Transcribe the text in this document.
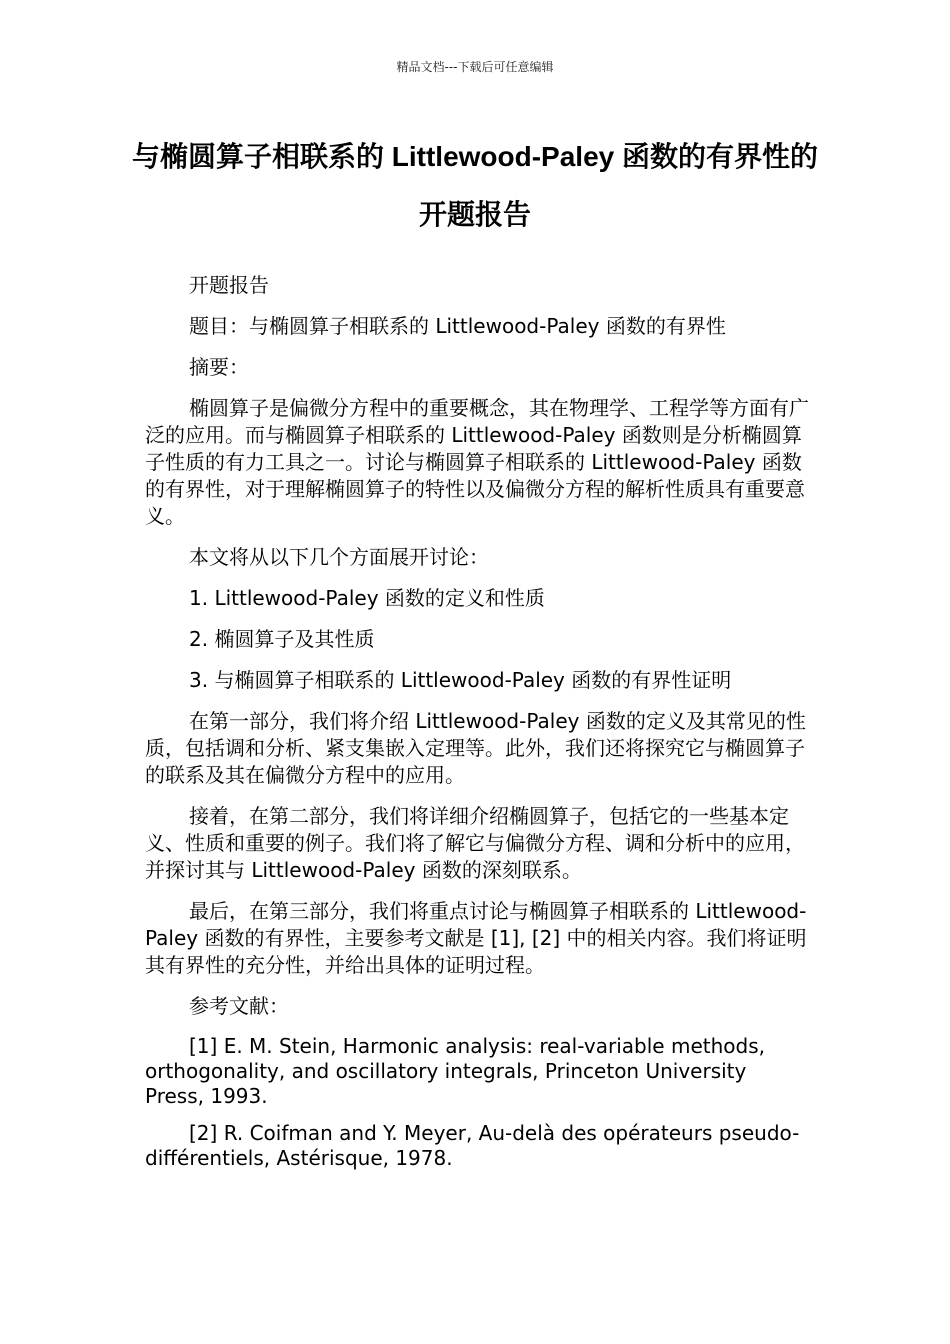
精品文档---下载后可任意编辑
与椭圆算子相联系的 Littlewood-Paley 函数的有界性的开题报告

开题报告

题目：与椭圆算子相联系的 Littlewood-Paley 函数的有界性

摘要：

椭圆算子是偏微分方程中的重要概念，其在物理学、工程学等方面有广泛的应用。而与椭圆算子相联系的 Littlewood-Paley 函数则是分析椭圆算子性质的有力工具之一。讨论与椭圆算子相联系的 Littlewood-Paley 函数的有界性，对于理解椭圆算子的特性以及偏微分方程的解析性质具有重要意义。

本文将从以下几个方面展开讨论：

1. Littlewood-Paley 函数的定义和性质

2. 椭圆算子及其性质

3. 与椭圆算子相联系的 Littlewood-Paley 函数的有界性证明

在第一部分，我们将介绍 Littlewood-Paley 函数的定义及其常见的性质，包括调和分析、紧支集嵌入定理等。此外，我们还将探究它与椭圆算子的联系及其在偏微分方程中的应用。

接着，在第二部分，我们将详细介绍椭圆算子，包括它的一些基本定义、性质和重要的例子。我们将了解它与偏微分方程、调和分析中的应用，并探讨其与 Littlewood-Paley 函数的深刻联系。

最后，在第三部分，我们将重点讨论与椭圆算子相联系的 Littlewood-Paley 函数的有界性，主要参考文献是 [1], [2] 中的相关内容。我们将证明其有界性的充分性，并给出具体的证明过程。

参考文献：

[1] E. M. Stein, Harmonic analysis: real-variable methods, orthogonality, and oscillatory integrals, Princeton University Press, 1993.

[2] R. Coifman and Y. Meyer, Au-delà des opérateurs pseudo-différentiels, Astérisque, 1978.
